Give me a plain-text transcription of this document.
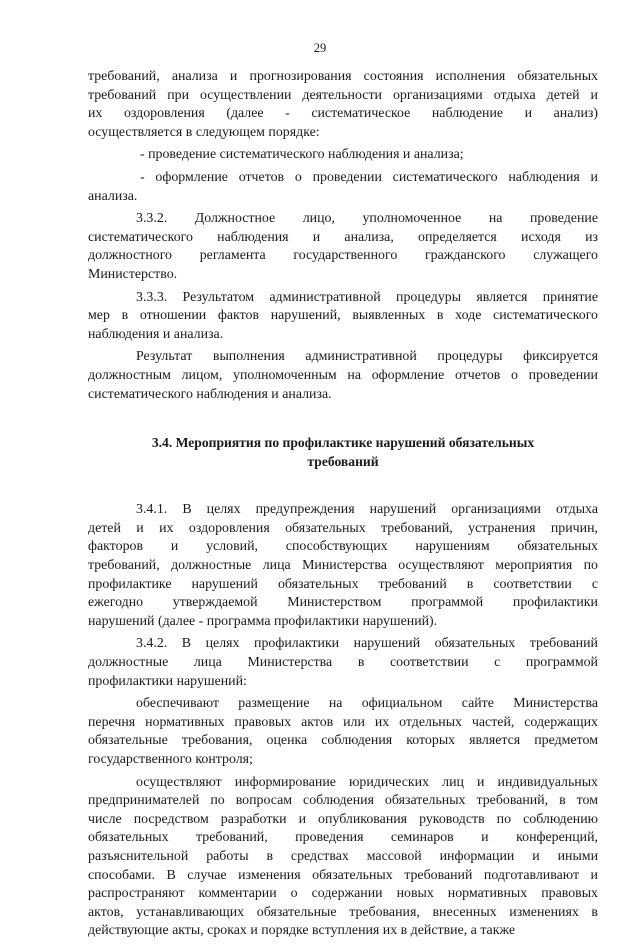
29
требований, анализа и прогнозирования состояния исполнения обязательных
требований при осуществлении деятельности организациями отдыха детей и
их оздоровления (далее - систематическое наблюдение и анализ)
осуществляется в следующем порядке:
- проведение систематического наблюдения и анализа;
- оформление отчетов о проведении систематического наблюдения и
анализа.
3.3.2. Должностное лицо, уполномоченное на проведение
систематического наблюдения и анализа, определяется исходя из
должностного регламента государственного гражданского служащего
Министерство.
3.3.3. Результатом административной процедуры является принятие
мер в отношении фактов нарушений, выявленных в ходе систематического
наблюдения и анализа.
Результат выполнения административной процедуры фиксируется
должностным лицом, уполномоченным на оформление отчетов о проведении
систематического наблюдения и анализа.
3.4. Мероприятия по профилактике нарушений обязательных
требований
3.4.1. В целях предупреждения нарушений организациями отдыха
детей и их оздоровления обязательных требований, устранения причин,
факторов и условий, способствующих нарушениям обязательных
требований, должностные лица Министерства осуществляют мероприятия по
профилактике нарушений обязательных требований в соответствии с
ежегодно утверждаемой Министерством программой профилактики
нарушений (далее - программа профилактики нарушений).
3.4.2. В целях профилактики нарушений обязательных требований
должностные лица Министерства в соответствии с программой
профилактики нарушений:
обеспечивают размещение на официальном сайте Министерства
перечня нормативных правовых актов или их отдельных частей, содержащих
обязательные требования, оценка соблюдения которых является предметом
государственного контроля;
осуществляют информирование юридических лиц и индивидуальных
предпринимателей по вопросам соблюдения обязательных требований, в том
числе посредством разработки и опубликования руководств по соблюдению
обязательных требований, проведения семинаров и конференций,
разъяснительной работы в средствах массовой информации и иными
способами. В случае изменения обязательных требований подготавливают и
распространяют комментарии о содержании новых нормативных правовых
актов, устанавливающих обязательные требования, внесенных изменениях в
действующие акты, сроках и порядке вступления их в действие, а также
